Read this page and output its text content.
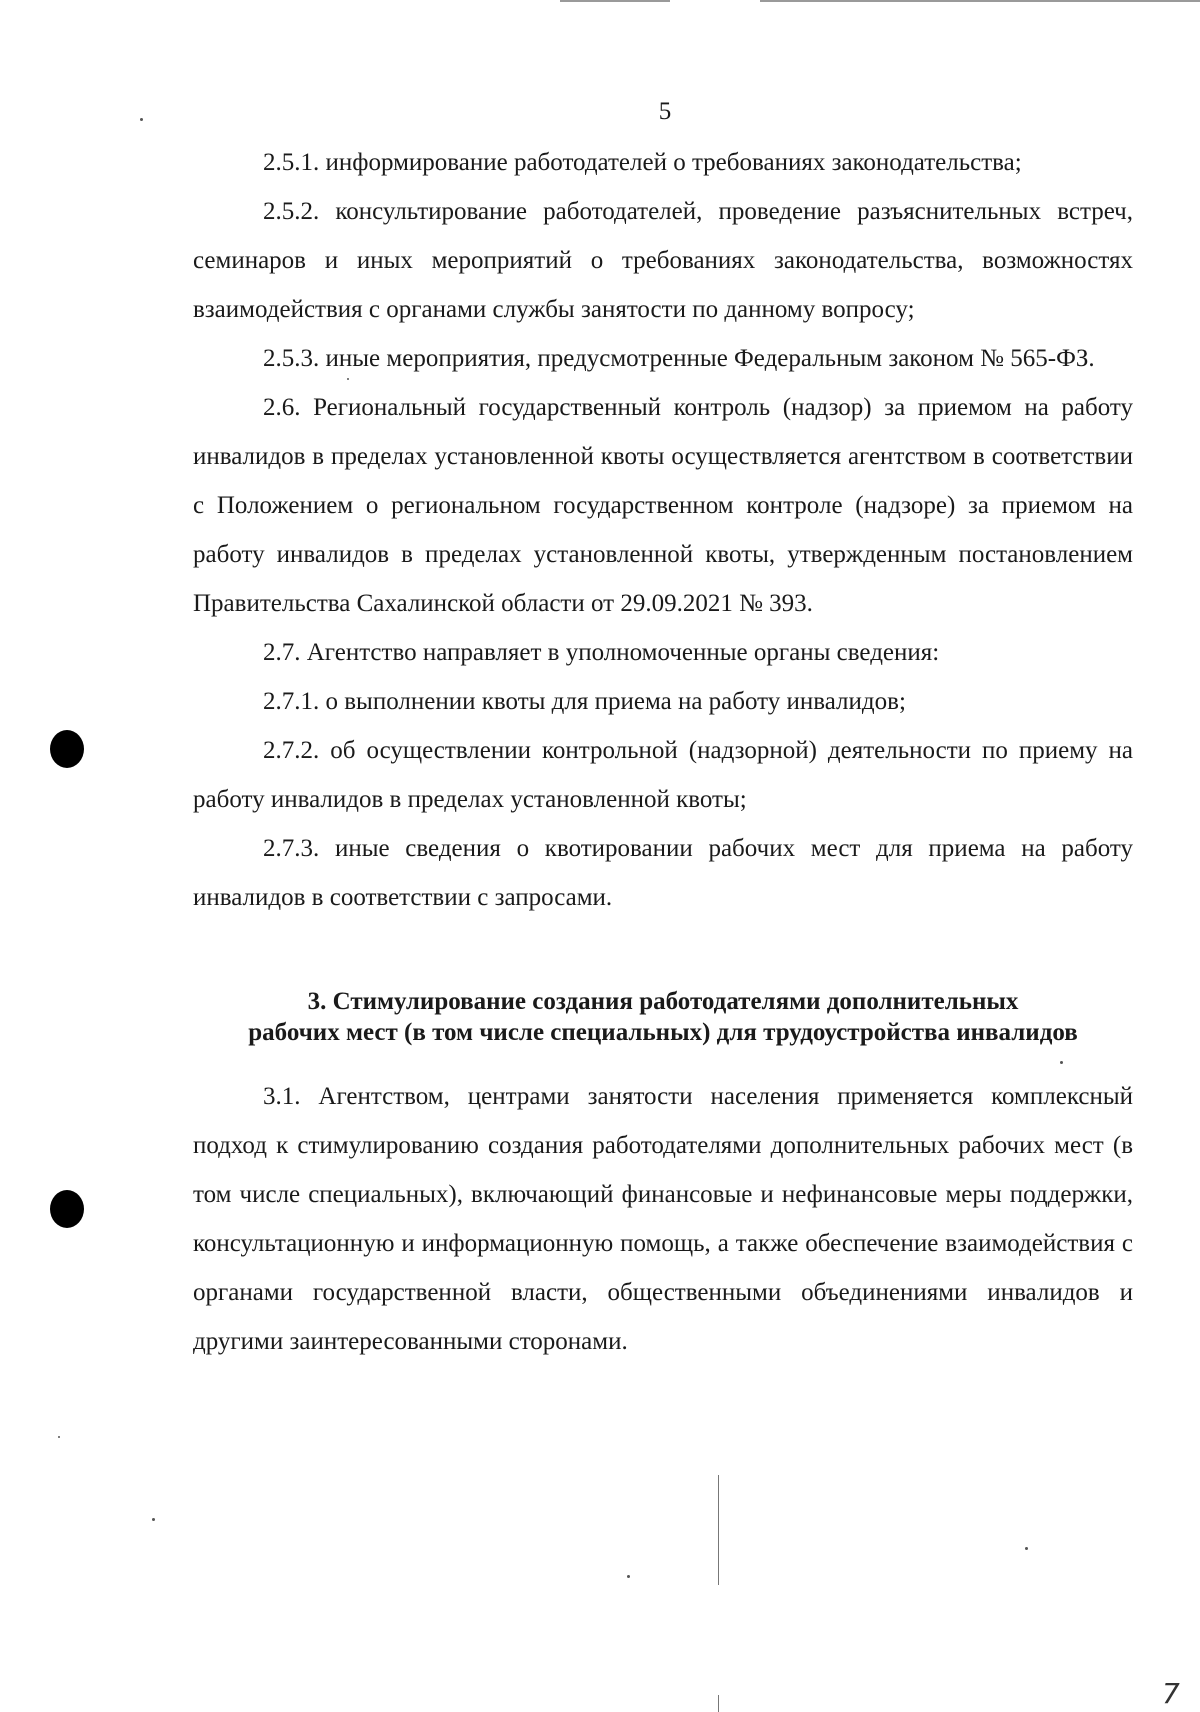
5

2.5.1. информирование работодателей о требованиях законодательства;

2.5.2. консультирование работодателей, проведение разъяснительных встреч, семинаров и иных мероприятий о требованиях законодательства, возможностях взаимодействия с органами службы занятости по данному вопросу;

2.5.3. иные мероприятия, предусмотренные Федеральным законом № 565-ФЗ.

2.6. Региональный государственный контроль (надзор) за приемом на работу инвалидов в пределах установленной квоты осуществляется агентством в соответствии с Положением о региональном государственном контроле (надзоре) за приемом на работу инвалидов в пределах установленной квоты, утвержденным постановлением Правительства Сахалинской области от 29.09.2021 № 393.

2.7. Агентство направляет в уполномоченные органы сведения:

2.7.1. о выполнении квоты для приема на работу инвалидов;

2.7.2. об осуществлении контрольной (надзорной) деятельности по приему на работу инвалидов в пределах установленной квоты;

2.7.3. иные сведения о квотировании рабочих мест для приема на работу инвалидов в соответствии с запросами.

3. Стимулирование создания работодателями дополнительных
рабочих мест (в том числе специальных) для трудоустройства инвалидов

3.1. Агентством, центрами занятости населения применяется комплексный подход к стимулированию создания работодателями дополнительных рабочих мест (в том числе специальных), включающий финансовые и нефинансовые меры поддержки, консультационную и информационную помощь, а также обеспечение взаимодействия с органами государственной власти, общественными объединениями инвалидов и другими заинтересованными сторонами.

7
